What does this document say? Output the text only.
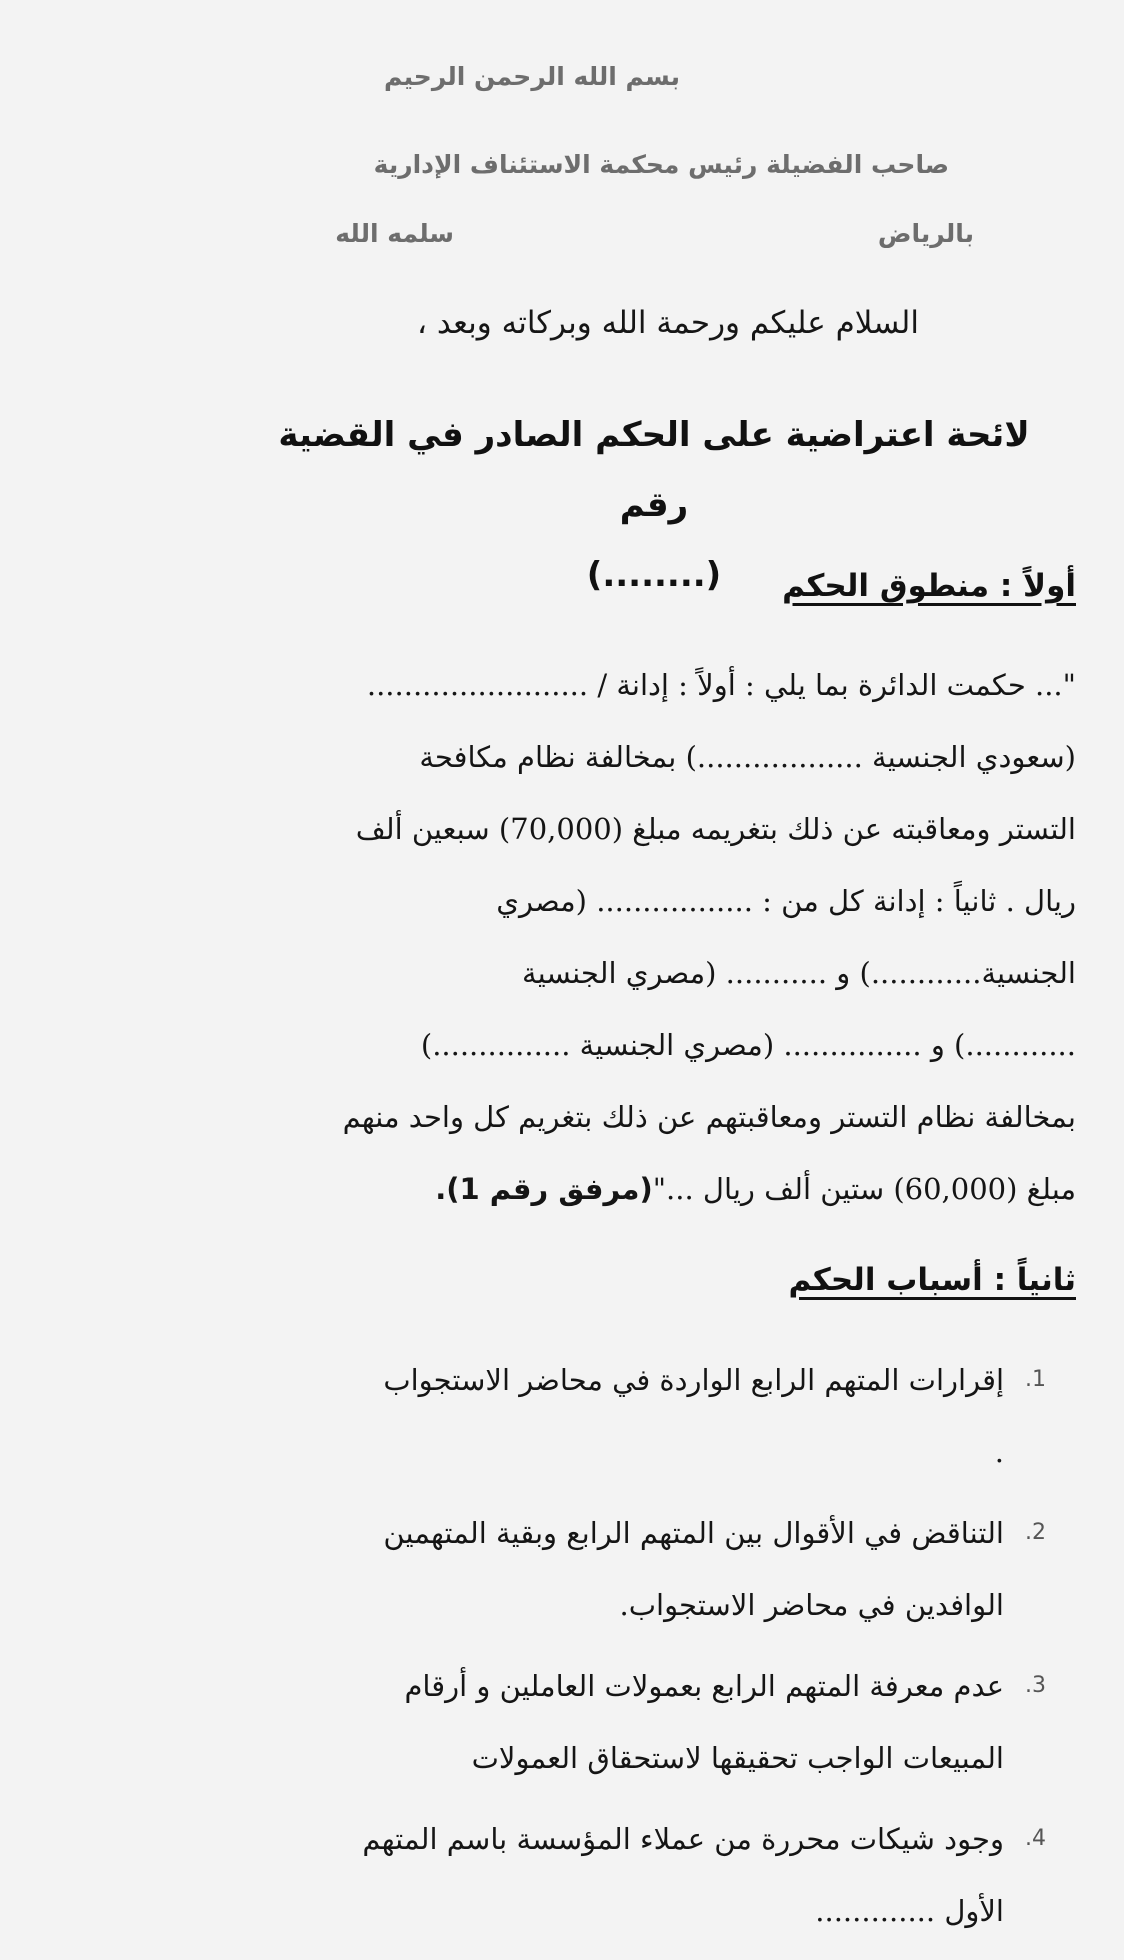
بسم الله الرحمن الرحيم
صاحب الفضيلة رئيس محكمة الاستئناف الإدارية
بالرياض
سلمه الله
السلام عليكم ورحمة الله وبركاته وبعد ،
لائحة اعتراضية على الحكم الصادر في القضية رقم
(........)	أولاً : منطوق الحكم
"... حكمت الدائرة بما يلي : أولاً : إدانة / ........................
(سعودي الجنسية ..................) بمخالفة نظام مكافحة
التستر ومعاقبته عن ذلك بتغريمه مبلغ (70,000) سبعين ألف
ريال . ثانياً : إدانة كل من : ................. (مصري
الجنسية............) و ........... (مصري الجنسية
............) و ............... (مصري الجنسية ...............)
بمخالفة نظام التستر ومعاقبتهم عن ذلك بتغريم كل واحد منهم
مبلغ (60,000) ستين ألف ريال ..."(مرفق رقم 1).
ثانياً : أسباب الحكم
1.
إقرارات المتهم الرابع الواردة في محاضر الاستجواب
.
2.
التناقض في الأقوال بين المتهم الرابع وبقية المتهمين
الوافدين في محاضر الاستجواب.
3.
عدم معرفة المتهم الرابع بعمولات العاملين و أرقام
المبيعات الواجب تحقيقها لاستحقاق العمولات
4.
وجود شيكات محررة من عملاء المؤسسة باسم المتهم
الأول .............
